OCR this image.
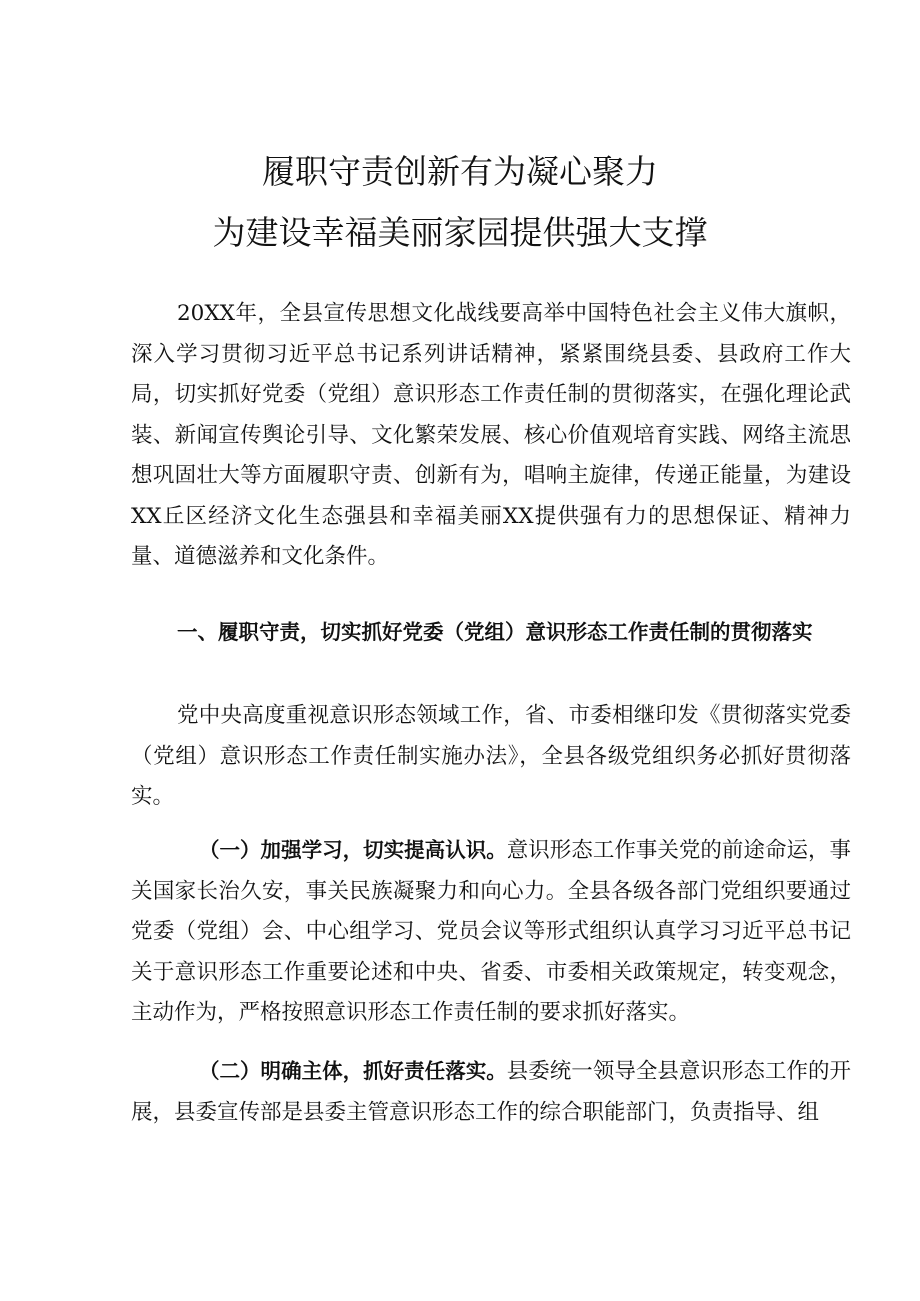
履职守责创新有为凝心聚力
为建设幸福美丽家园提供强大支撑
20XX年，全县宣传思想文化战线要高举中国特色社会主义伟大旗帜，深入学习贯彻习近平总书记系列讲话精神，紧紧围绕县委、县政府工作大局，切实抓好党委（党组）意识形态工作责任制的贯彻落实，在强化理论武装、新闻宣传舆论引导、文化繁荣发展、核心价值观培育实践、网络主流思想巩固壮大等方面履职守责、创新有为，唱响主旋律，传递正能量，为建设XX丘区经济文化生态强县和幸福美丽XX提供强有力的思想保证、精神力量、道德滋养和文化条件。
一、履职守责，切实抓好党委（党组）意识形态工作责任制的贯彻落实
党中央高度重视意识形态领域工作，省、市委相继印发《贯彻落实党委（党组）意识形态工作责任制实施办法》，全县各级党组织务必抓好贯彻落实。
（一）加强学习，切实提高认识。意识形态工作事关党的前途命运，事关国家长治久安，事关民族凝聚力和向心力。全县各级各部门党组织要通过党委（党组）会、中心组学习、党员会议等形式组织认真学习习近平总书记关于意识形态工作重要论述和中央、省委、市委相关政策规定，转变观念，主动作为，严格按照意识形态工作责任制的要求抓好落实。
（二）明确主体，抓好责任落实。县委统一领导全县意识形态工作的开展，县委宣传部是县委主管意识形态工作的综合职能部门，负责指导、组
